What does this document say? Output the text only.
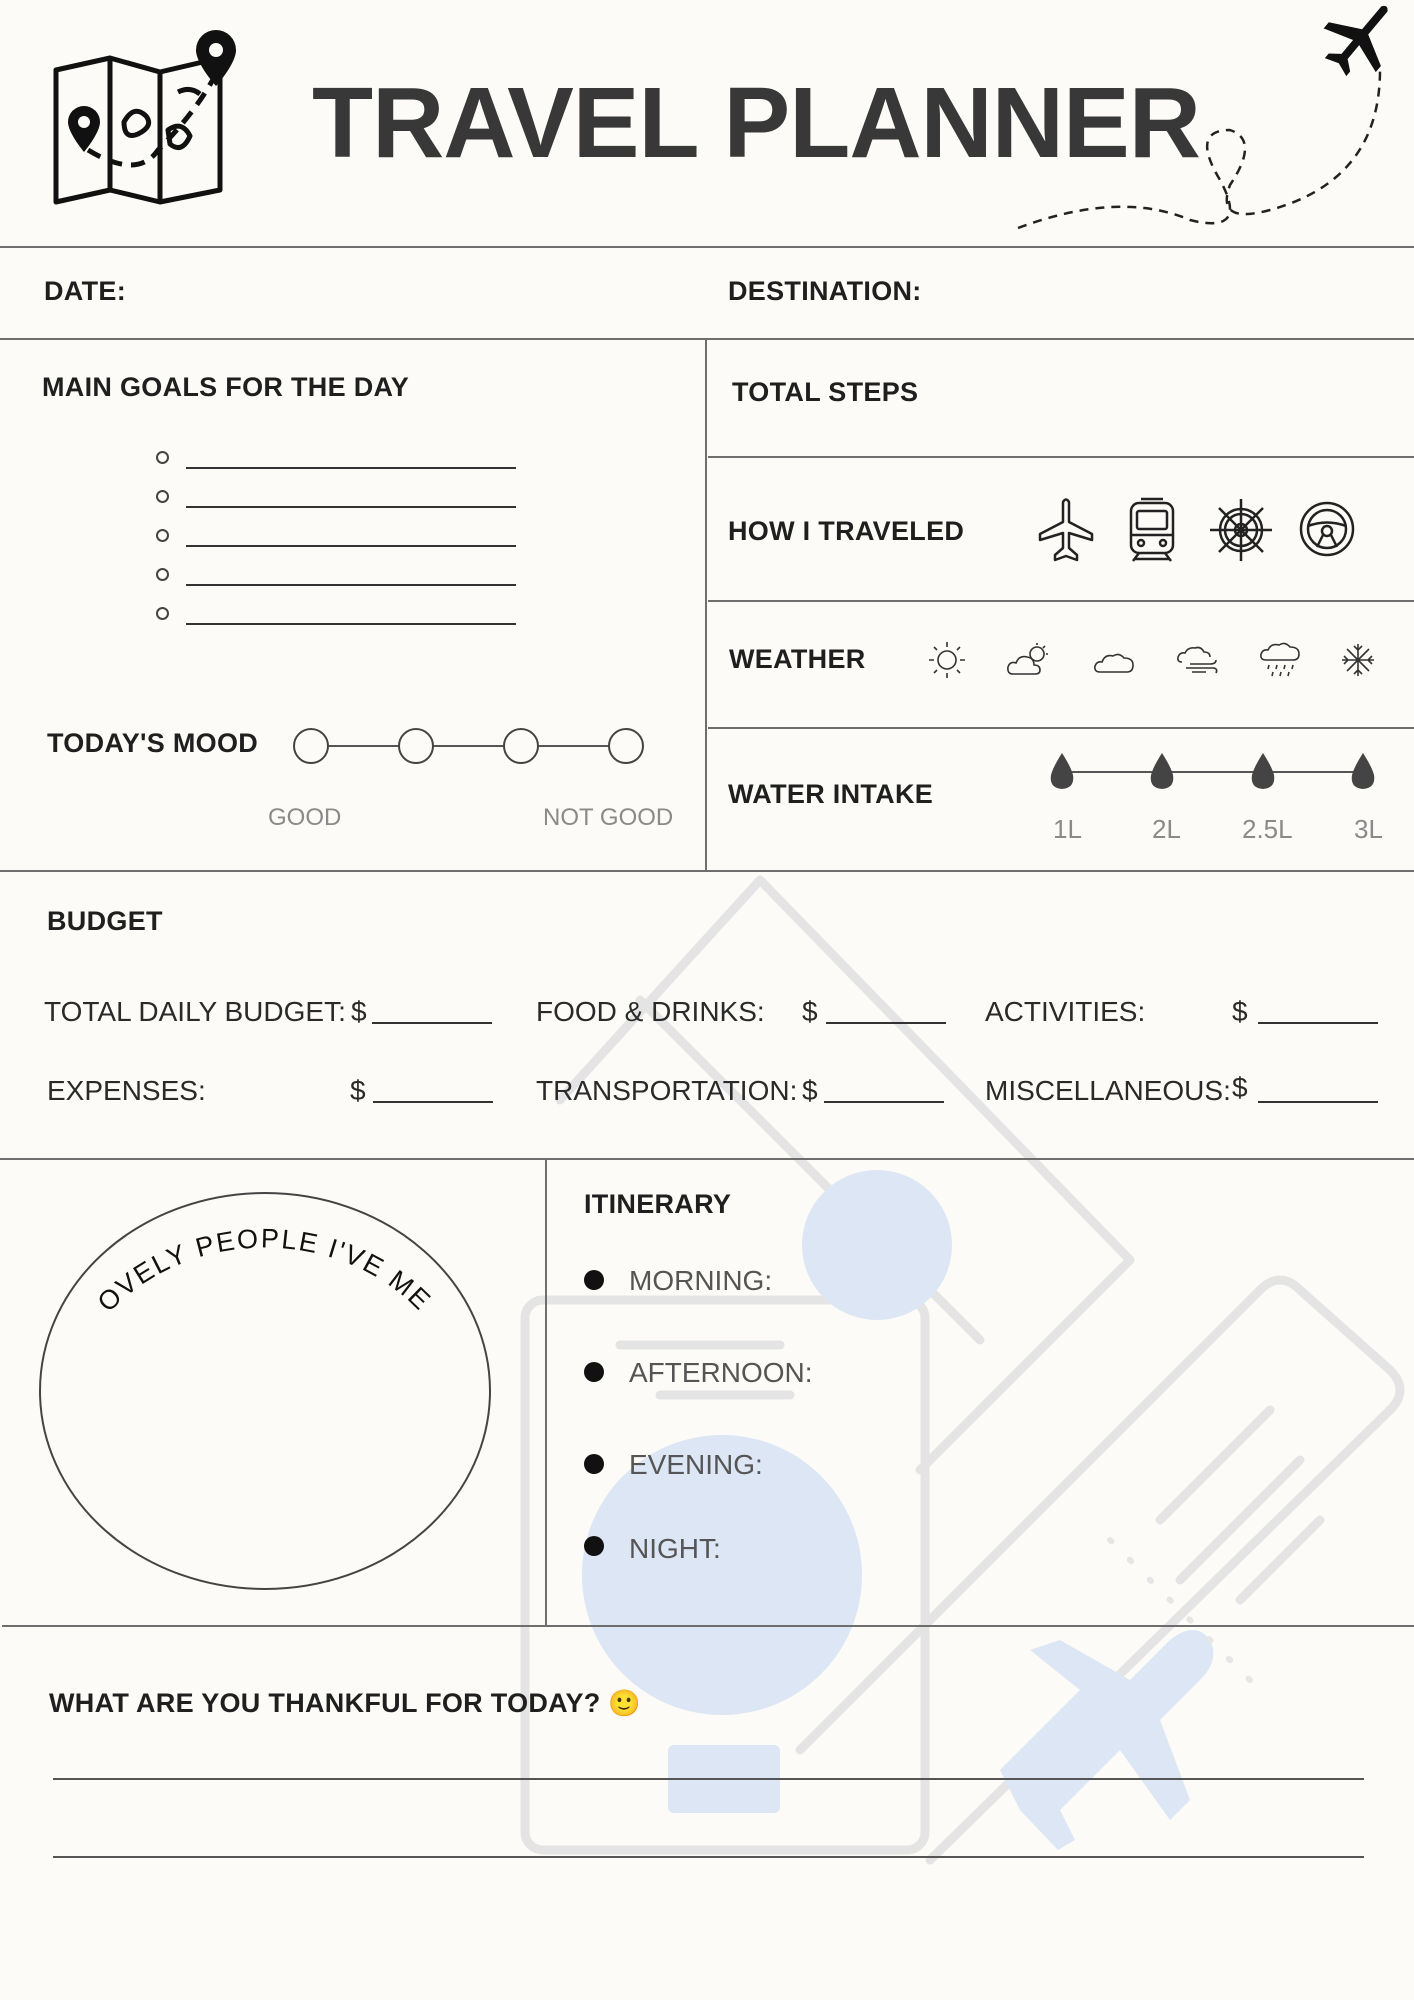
TRAVEL PLANNER
DATE:	DESTINATION:
MAIN GOALS FOR THE DAY
TODAY'S MOOD
GOOD	NOT GOOD
TOTAL STEPS
HOW I TRAVELED
WEATHER
WATER INTAKE
1L	2L 2.5L 3L
BUDGET
TOTAL DAILY BUDGET: $	FOOD & DRINKS: $	ACTIVITIES:	$
EXPENSES:	$	TRANSPORTATION: $	MISCELLANEOUS: $
LOVELY PEOPLE I'VE MET
ITINERARY
MORNING:
AFTERNOON:
EVENING:
NIGHT:
WHAT ARE YOU THANKFUL FOR TODAY? 🙂
